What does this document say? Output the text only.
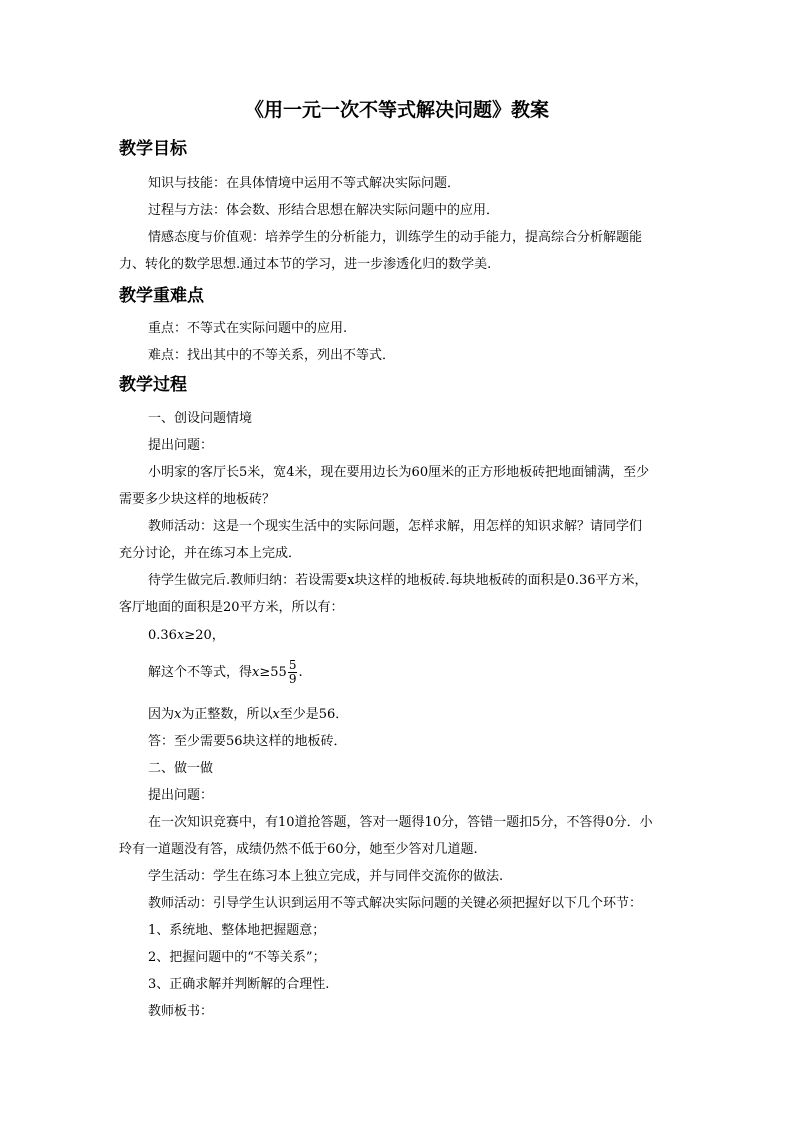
《用一元一次不等式解决问题》教案
教学目标
知识与技能：在具体情境中运用不等式解决实际问题．
过程与方法：体会数、形结合思想在解决实际问题中的应用．
情感态度与价值观：培养学生的分析能力，训练学生的动手能力，提高综合分析解题能
力、转化的数学思想.通过本节的学习，进一步渗透化归的数学美.
教学重难点
重点：不等式在实际问题中的应用.
难点：找出其中的不等关系，列出不等式．
教学过程
一、创设问题情境
提出问题：
小明家的客厅长5米，宽4米，现在要用边长为60厘米的正方形地板砖把地面铺满，至少
需要多少块这样的地板砖？
教师活动：这是一个现实生活中的实际问题，怎样求解，用怎样的知识求解？请同学们
充分讨论，并在练习本上完成．
待学生做完后.教师归纳：若设需要x块这样的地板砖.每块地板砖的面积是0.36平方米，
客厅地面的面积是20平方米，所以有：
0.36x≥20，
解这个不等式，得$x\ge 55 \frac{5}{9}$ .
因为x为正整数，所以x至少是56．
答：至少需要56块这样的地板砖．
二、做一做
提出问题：
在一次知识竞赛中，有10道抢答题，答对一题得10分，答错一题扣5分，不答得0分．小
玲有一道题没有答，成绩仍然不低于60分，她至少答对几道题.
学生活动：学生在练习本上独立完成，并与同伴交流你的做法.
教师活动：引导学生认识到运用不等式解决实际问题的关键必须把握好以下几个环节：
1、系统地、整体地把握题意；
2、把握问题中的“不等关系”；
3、正确求解并判断解的合理性.
教师板书：
